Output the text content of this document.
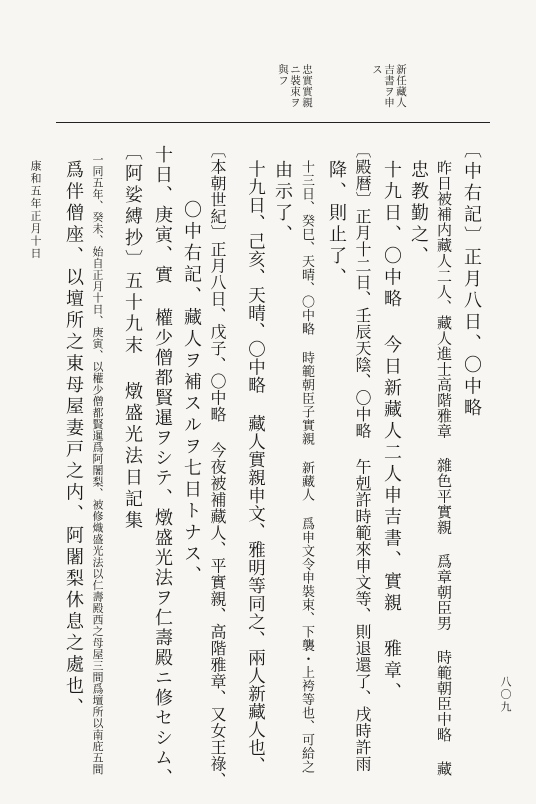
新任藏人
吉書ヲ申
ス
忠實實親
ニ裝束ヲ
與フ
〔中右記〕正月八日、〇中略
昨日被補内藏人二人、藏人進士高階雅章 雜色平實親 爲章朝臣男 時範朝臣中略 藏
忠教勤之、
十九日、〇中略 今日新藏人二人申吉書、實親 雅章、
〔殿暦〕正月十二日、壬辰天陰、〇中略 午剋許時範來申文等、則退還了、戌時許雨
降、則止了、
十三日、癸巳、天晴、〇中略 時範朝臣子實親 新藏人 爲申文令申裝束、下襲・上袴等也、可給之
由示了、
十九日、己亥、天晴、〇中略 藏人實親申文、雅明等同之、兩人新藏人也、
〔本朝世紀〕正月八日、戊子、〇中略 今夜被補藏人、平實親、高階雅章、又女王祿、
〇中右記、藏人ヲ補スルヲ七日トナス、
十日、庚寅、實 權少僧都賢暹ヲシテ、燉盛光法ヲ仁壽殿ニ修セシム、
〔阿娑縛抄〕五十九末 燉盛光法日記集
一同五年、癸未、始自正月十日、庚寅、以權少僧都賢暹爲阿闍梨、被修熾盛光法以仁壽殿西之母屋三間爲壇所以南庇五間
爲伴僧座、以壇所之東母屋妻戸之内、阿闍梨休息之處也、
康和五年正月十日
八〇九
